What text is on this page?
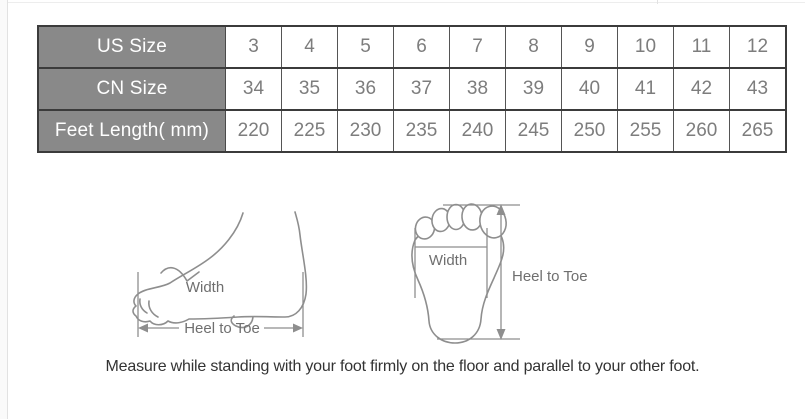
US Size	3	4	5	6	7	8	9	10	11	12
CN Size	34	35	36	37	38	39	40	41	42	43
Feet Length( mm)	220	225	230	235	240	245	250	255	260	265
Width
Heel to Toe
Width
Heel to Toe
Measure while standing with your foot firmly on the floor and parallel to your other foot.
